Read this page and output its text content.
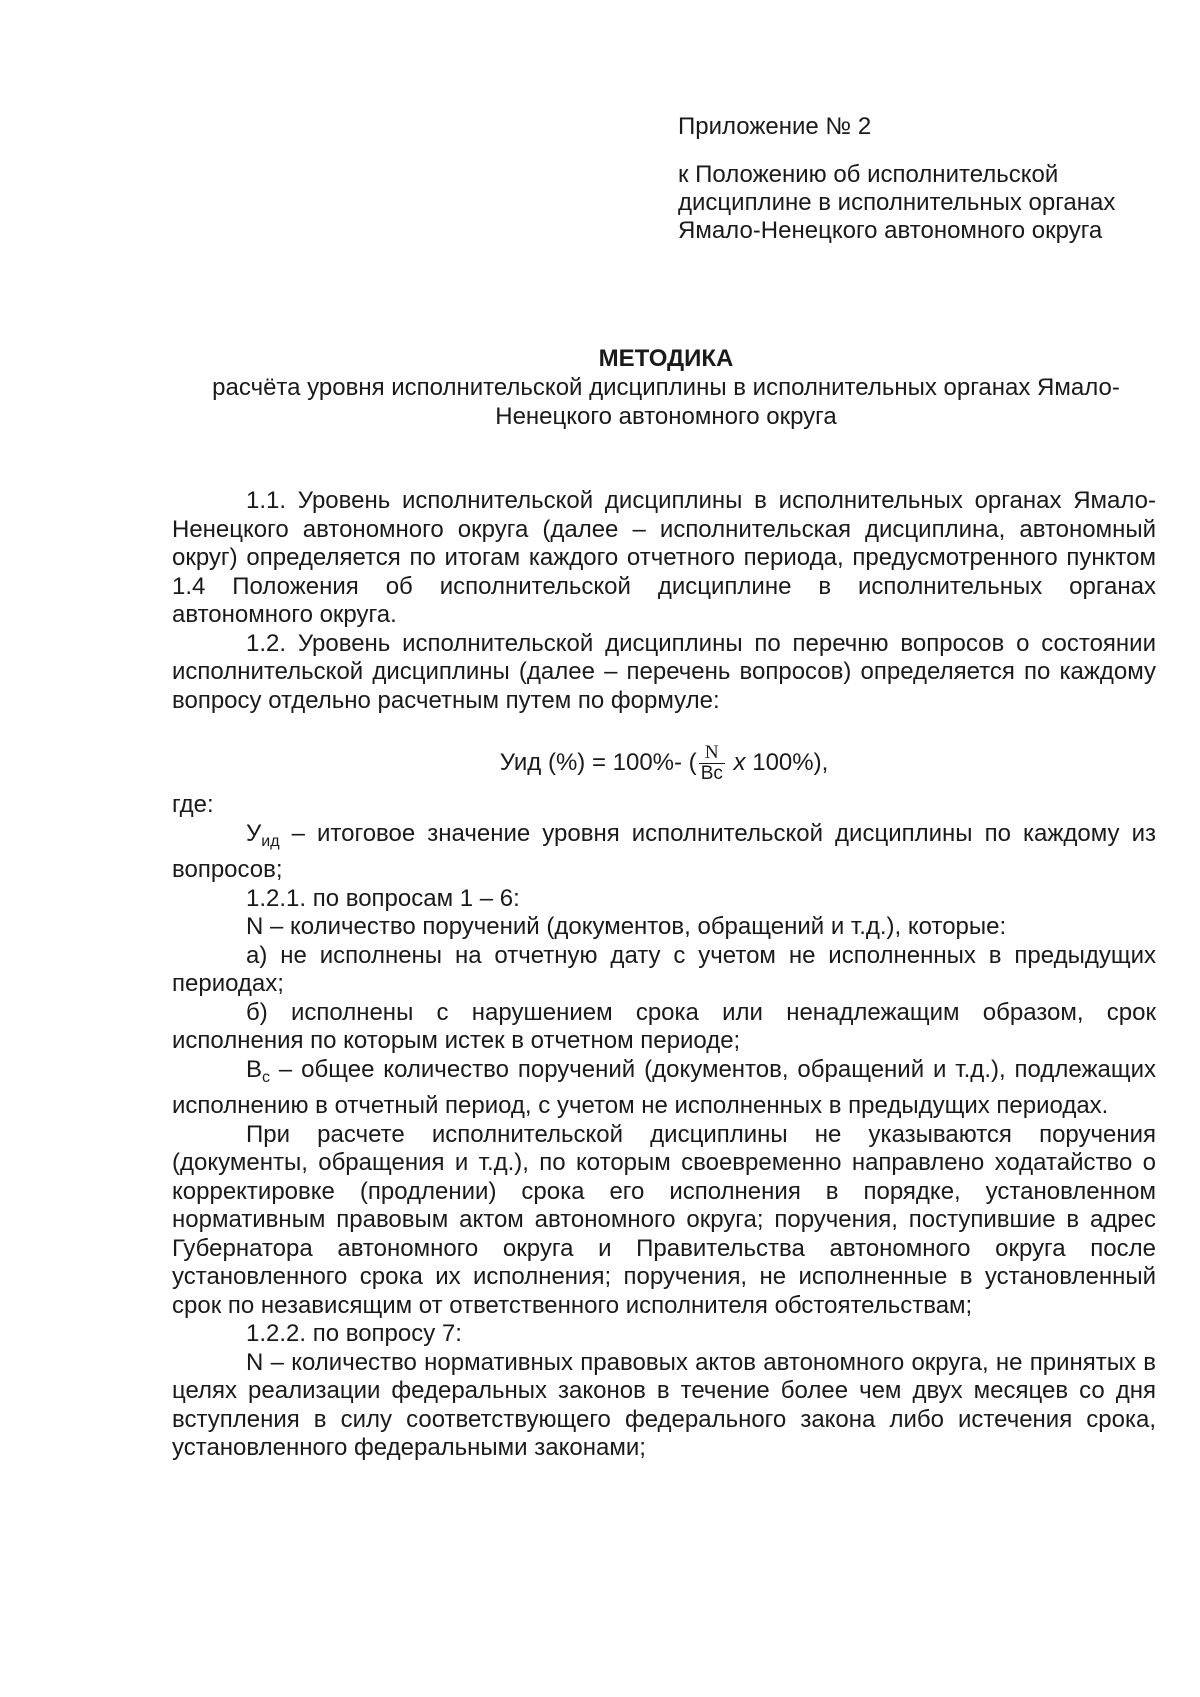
Приложение № 2
к Положению об исполнительской дисциплине в исполнительных органах Ямало-Ненецкого автономного округа
МЕТОДИКА
расчёта уровня исполнительской дисциплины в исполнительных органах Ямало-Ненецкого автономного округа

1.1. Уровень исполнительской дисциплины в исполнительных органах Ямало-Ненецкого автономного округа (далее – исполнительская дисциплина, автономный округ) определяется по итогам каждого отчетного периода, предусмотренного пунктом 1.4 Положения об исполнительской дисциплине в исполнительных органах автономного округа.

1.2. Уровень исполнительской дисциплины по перечню вопросов о состоянии исполнительской дисциплины (далее – перечень вопросов) определяется по каждому вопросу отдельно расчетным путем по формуле:

Уид (%) = 100%- ( $\frac{N}{Вс}$ x 100%),

где:

$У_{ид}$ – итоговое значение уровня исполнительской дисциплины по каждому из вопросов;

1.2.1. по вопросам 1 – 6:

N – количество поручений (документов, обращений и т.д.), которые:

а) не исполнены на отчетную дату с учетом не исполненных в предыдущих периодах;

б) исполнены с нарушением срока или ненадлежащим образом, срок исполнения по которым истек в отчетном периоде;

$В_с$ – общее количество поручений (документов, обращений и т.д.), подлежащих исполнению в отчетный период, с учетом не исполненных в предыдущих периодах.

При расчете исполнительской дисциплины не указываются поручения (документы, обращения и т.д.), по которым своевременно направлено ходатайство о корректировке (продлении) срока его исполнения в порядке, установленном нормативным правовым актом автономного округа; поручения, поступившие в адрес Губернатора автономного округа и Правительства автономного округа после установленного срока их исполнения; поручения, не исполненные в установленный срок по независящим от ответственного исполнителя обстоятельствам;

1.2.2. по вопросу 7:

N – количество нормативных правовых актов автономного округа, не принятых в целях реализации федеральных законов в течение более чем двух месяцев со дня вступления в силу соответствующего федерального закона либо истечения срока, установленного федеральными законами;
